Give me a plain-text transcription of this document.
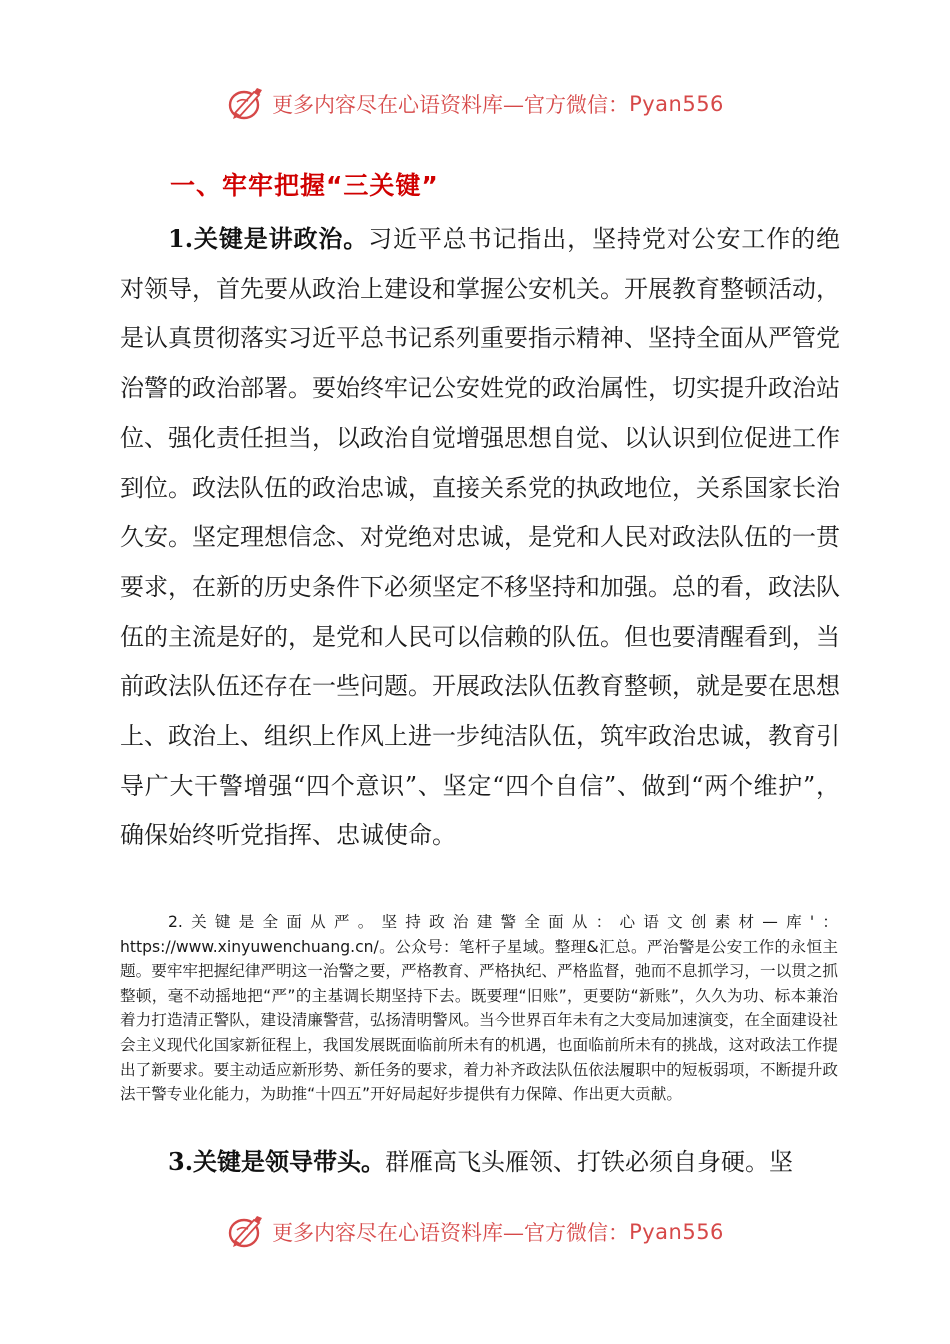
更多内容尽在心语资料库—官方微信： Pyan556
一、牢牢把握“三关键”

1.关键是讲政治。习近平总书记指出，坚持党对公安工作的绝对领导，首先要从政治上建设和掌握公安机关。开展教育整顿活动，是认真贯彻落实习近平总书记系列重要指示精神、坚持全面从严管党治警的政治部署。要始终牢记公安姓党的政治属性，切实提升政治站位、强化责任担当，以政治自觉增强思想自觉、以认识到位促进工作到位。政法队伍的政治忠诚，直接关系党的执政地位，关系国家长治久安。坚定理想信念、对党绝对忠诚，是党和人民对政法队伍的一贯要求，在新的历史条件下必须坚定不移坚持和加强。总的看，政法队伍的主流是好的，是党和人民可以信赖的队伍。但也要清醒看到，当前政法队伍还存在一些问题。开展政法队伍教育整顿，就是要在思想上、政治上、组织上作风上进一步纯洁队伍，筑牢政治忠诚，教育引导广大干警增强“四个意识”、坚定“四个自信”、做到“两个维护”，确保始终听党指挥、忠诚使命。

2.关键是全面从严。坚持政治建警全面从：心语文创素材—库'：https://www.xinyuwenchuang.cn/。公众号：笔杆子星域。整理&汇总。严治警是公安工作的永恒主题。要牢牢把握纪律严明这一治警之要，严格教育、严格执纪、严格监督，弛而不息抓学习，一以贯之抓整顿，毫不动摇地把“严”的主基调长期坚持下去。既要理“旧账”，更要防“新账”，久久为功、标本兼治着力打造清正警队，建设清廉警营，弘扬清明警风。当今世界百年未有之大变局加速演变，在全面建设社会主义现代化国家新征程上，我国发展既面临前所未有的机遇，也面临前所未有的挑战，这对政法工作提出了新要求。要主动适应新形势、新任务的要求，着力补齐政法队伍依法履职中的短板弱项，不断提升政法干警专业化能力，为助推“十四五”开好局起好步提供有力保障、作出更大贡献。

3.关键是领导带头。群雁高飞头雁领、打铁必须自身硬。坚

更多内容尽在心语资料库—官方微信： Pyan556
